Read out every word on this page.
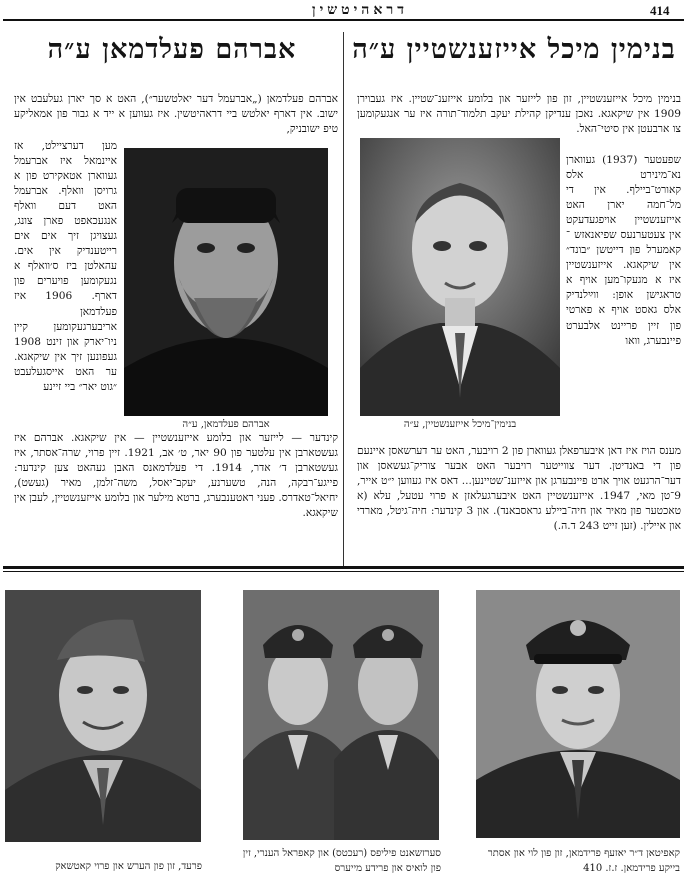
414
דראהיטשין
בנימין מיכל אייזענשטיין ע״ה
בנימין מיכל אייזענשטיין, זון פון לייזער און בלומע אייזענ־שטיין. איז געבוירן 1909 אין שיקאגא. נאכן ענדיקן קהילת יעקב תלמוד־תורה איז ער אנגעקומען צו ארבעטן אין סיטי־האל.
שפעטער (1937) געווארן נא־מינירט אלס קאורט־ביילף. אין די מל־חמה יארן האט אייזענשטיין אויפגעדעקט אין צעטערנעס שפיאנאזש ־ קאמערל פון דייטשן ״בונד״ אין שיקאגא. אייזענשטיין איז א מגעקו־מען אויף א טראגישן אופן: ווײַלנדיק אלס גאסט אויף א פארטי פון זיין פריינט אלבערט פיינבערג, וואו
בנימין־מיכל אייזענשטיין, ע״ה
מענס הויז איז דאן איבערפאלן געווארן פון 2 רויבער, האט ער דערשאסן איינעם פון די באנדיטן. דער צווייטער רויבער האט אבער צוריק־געשאסן און דער־הרגעט אויך ארט פיינבערגן און אייזענ־שטיינען... דאס איז געווען י״ט אייר, 9־טן מאי, 1947. אייזענשטיין האט איבערגעלאזן א פרוי עטעל, עלא (א טאכטער פון מאיר און חיה־ביילע גראסבאנד). און 3 קינדער: חיה־גיטל, מארדי און איילין. (זען זייט 243 ד.ה.)
אברהם פעלדמאן ע״ה
אברהם פעלדמאן („אברעמל דער יאלטשער״), האט א סך יארן געלעבט אין ישוב. אין דארף יאלטש ביי דראהיטשין. איז געווען א ייד א גבור פון אמאליקע טיפ ישובניק,
מען דערציילט, אז איינמאל איז אברעמל געווארן אטאקירט פון א גרויסן וואלף. אברעמל האט דעם וואלף אנגעכאפט פארן צונג, געצויגן זיך אים אים רייטענדיק אין אים. עהאלטן ביז ס׳וואלף א נגעקומען פויערים פון דארף. 1906 איז פעלדמאן אריבערגעקומען קיין ניו־יארק און זינט 1908 געפונען זיך אין שיקאגא. ער האט אייסגעלעבט ״גוט יאר״ ביי זיינע
אברהם פעלדמאן, ע״ה
קינדער — לייזער און בלומע אייזענשטיין — אין שיקאגא. אברהם איז געשטארבן אין עלטער פון 90 יאר, ט׳ אב, 1921. זיין פרוי, שרה־אסתר, איז געשטארבן ד׳ אדר, 1914. די פעלדמאנס האבן געהאט צען קינדער: פייגע־רבקה, הנה, טשערנע, יעקב־יאסל, משה־זלמן, מאיר (געשט), יחיאל־טאדרס. פעני ראטענבערג, ברטא מילער און בלומע אייזענשטיין, לעבן אין שיקאגא.
קאפיטאן ד״ר יאזעף פרידמאן, זון פון לוי און אסתר בייקע פרידמאן. ז.ז. 410
סערזשאנט פיליפס (רעכטס) און קאפראל הענרי, זין פון לואיס און פרידע מייערס
פרעד, זון פון הערש און פרוי קאטשאק
